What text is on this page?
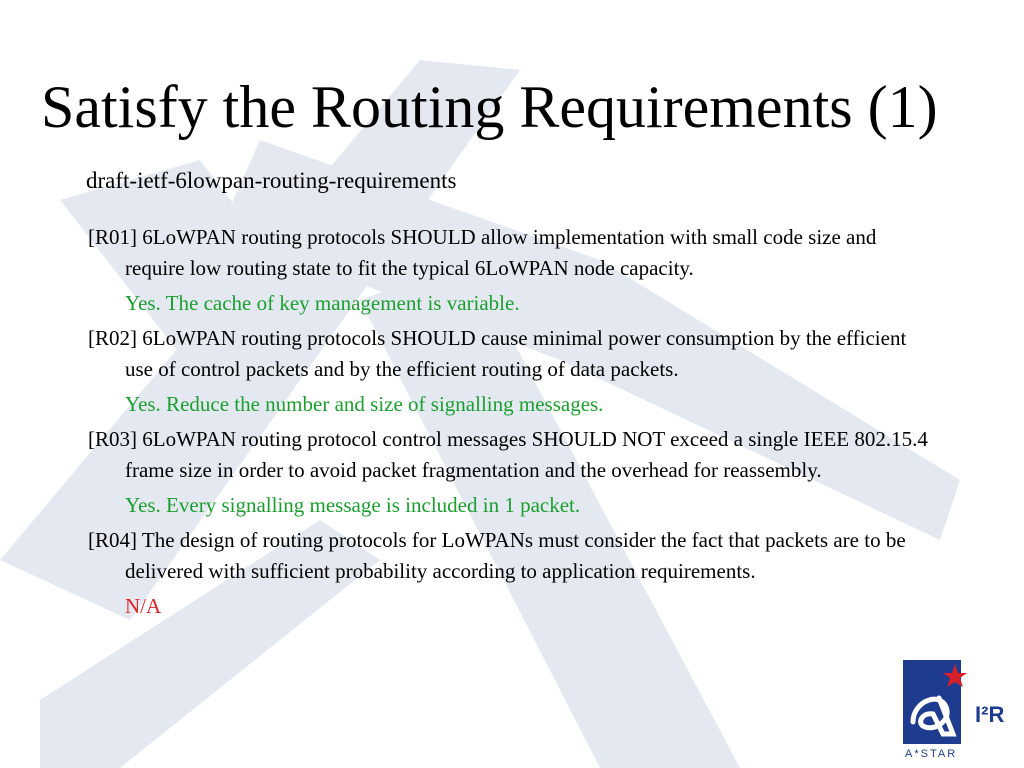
Satisfy the Routing Requirements (1)
draft-ietf-6lowpan-routing-requirements

[R01] 6LoWPAN routing protocols SHOULD allow implementation with small code size and require low routing state to fit the typical 6LoWPAN node capacity.

Yes. The cache of key management is variable.

[R02] 6LoWPAN routing protocols SHOULD cause minimal power consumption by the efficient use of control packets and by the efficient routing of data packets.

Yes. Reduce the number and size of signalling messages.

[R03] 6LoWPAN routing protocol control messages SHOULD NOT exceed a single IEEE 802.15.4 frame size in order to avoid packet fragmentation and the overhead for reassembly.

Yes. Every signalling message is included in 1 packet.

[R04] The design of routing protocols for LoWPANs must consider the fact that packets are to be delivered with sufficient probability according to application requirements.

N/A

I²R
A*STAR
